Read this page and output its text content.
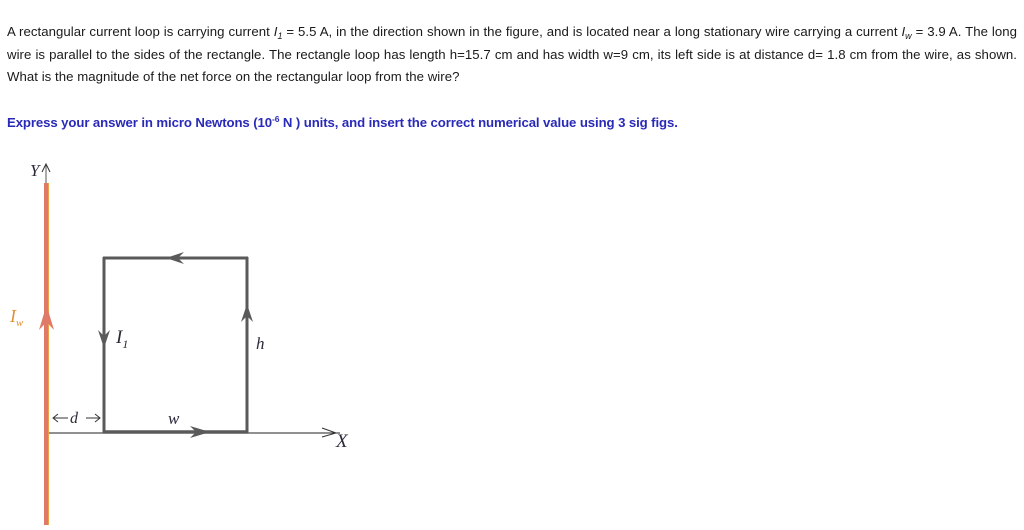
A rectangular current loop is carrying current $I_1 = 5.5$ A, in the direction shown in the figure, and is located near a long stationary wire carrying a current $I_w = 3.9$ A. The long wire is parallel to the sides of the rectangle. The rectangle loop has length h=15.7 cm and has width w=9 cm, its left side is at distance d= 1.8 cm from the wire, as shown. What is the magnitude of the net force on the rectangular loop from the wire?
Express your answer in micro Newtons ($10^{-6}$ N ) units, and insert the correct numerical value using 3 sig figs.
Y
$I_w$
X
$I_1$	h
w
d
